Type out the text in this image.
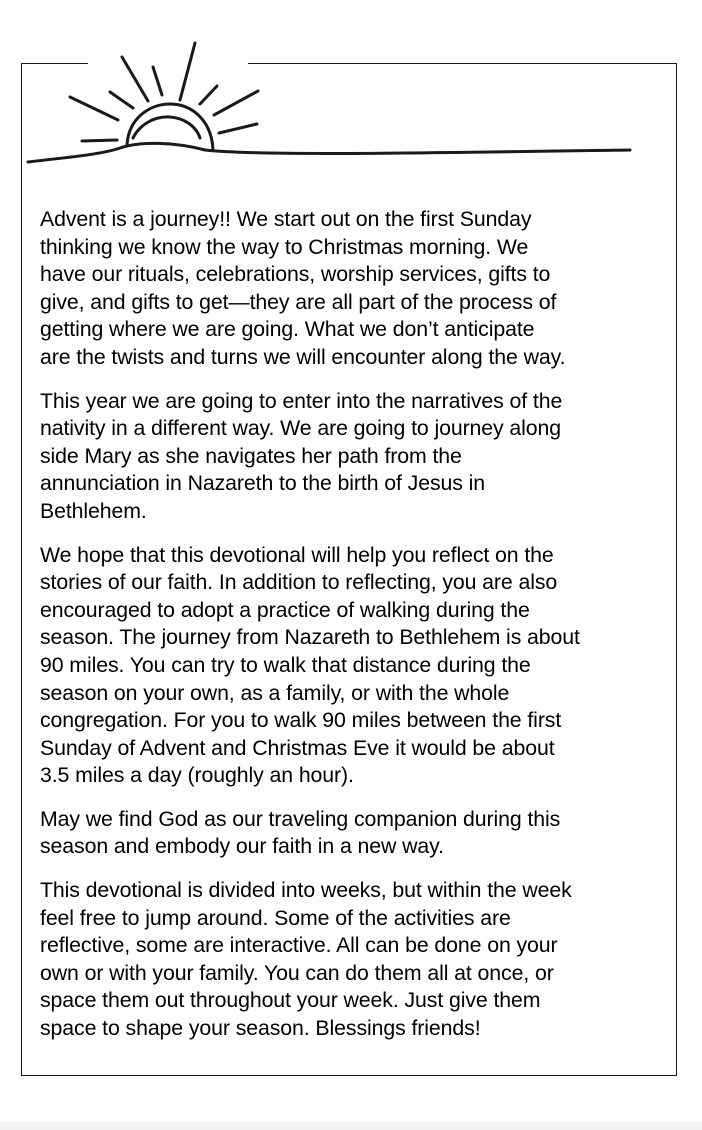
Advent is a journey!! We start out on the first Sunday
thinking we know the way to Christmas morning. We
have our rituals, celebrations, worship services, gifts to
give, and gifts to get—they are all part of the process of
getting where we are going. What we don’t anticipate
are the twists and turns we will encounter along the way.

This year we are going to enter into the narratives of the
nativity in a different way. We are going to journey along
side Mary as she navigates her path from the
annunciation in Nazareth to the birth of Jesus in
Bethlehem.

We hope that this devotional will help you reflect on the
stories of our faith. In addition to reflecting, you are also
encouraged to adopt a practice of walking during the
season. The journey from Nazareth to Bethlehem is about
90 miles. You can try to walk that distance during the
season on your own, as a family, or with the whole
congregation. For you to walk 90 miles between the first
Sunday of Advent and Christmas Eve it would be about
3.5 miles a day (roughly an hour).

May we find God as our traveling companion during this
season and embody our faith in a new way.

This devotional is divided into weeks, but within the week
feel free to jump around. Some of the activities are
reflective, some are interactive. All can be done on your
own or with your family. You can do them all at once, or
space them out throughout your week. Just give them
space to shape your season. Blessings friends!
